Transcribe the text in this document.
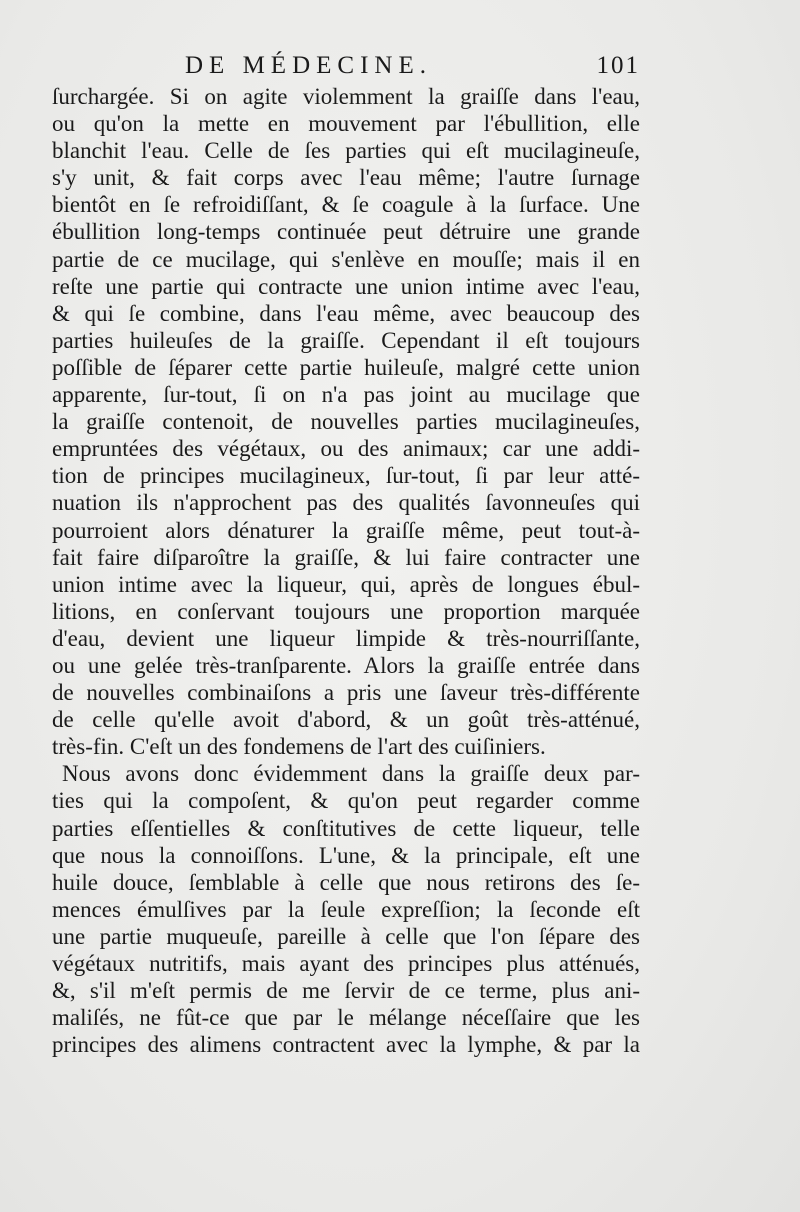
DE MÉDECINE.	101
ſurchargée. Si on agite violemment la graiſſe dans l'eau,
ou qu'on la mette en mouvement par l'ébullition, elle
blanchit l'eau. Celle de ſes parties qui eſt mucilagineuſe,
s'y unit, & fait corps avec l'eau même; l'autre ſurnage
bientôt en ſe refroidiſſant, & ſe coagule à la ſurface. Une
ébullition long-temps continuée peut détruire une grande
partie de ce mucilage, qui s'enlève en mouſſe; mais il en
reſte une partie qui contracte une union intime avec l'eau,
& qui ſe combine, dans l'eau même, avec beaucoup des
parties huileuſes de la graiſſe. Cependant il eſt toujours
poſſible de ſéparer cette partie huileuſe, malgré cette union
apparente, ſur-tout, ſi on n'a pas joint au mucilage que
la graiſſe contenoit, de nouvelles parties mucilagineuſes,
empruntées des végétaux, ou des animaux; car une addi-
tion de principes mucilagineux, ſur-tout, ſi par leur atté-
nuation ils n'approchent pas des qualités ſavonneuſes qui
pourroient alors dénaturer la graiſſe même, peut tout-à-
fait faire diſparoître la graiſſe, & lui faire contracter une
union intime avec la liqueur, qui, après de longues ébul-
litions, en conſervant toujours une proportion marquée
d'eau, devient une liqueur limpide & très-nourriſſante,
ou une gelée très-tranſparente. Alors la graiſſe entrée dans
de nouvelles combinaiſons a pris une ſaveur très-différente
de celle qu'elle avoit d'abord, & un goût très-atténué,
très-fin. C'eſt un des fondemens de l'art des cuiſiniers.
Nous avons donc évidemment dans la graiſſe deux par-
ties qui la compoſent, & qu'on peut regarder comme
parties eſſentielles & conſtitutives de cette liqueur, telle
que nous la connoiſſons. L'une, & la principale, eſt une
huile douce, ſemblable à celle que nous retirons des ſe-
mences émulſives par la ſeule expreſſion; la ſeconde eſt
une partie muqueuſe, pareille à celle que l'on ſépare des
végétaux nutritifs, mais ayant des principes plus atténués,
&, s'il m'eſt permis de me ſervir de ce terme, plus ani-
maliſés, ne fût-ce que par le mélange néceſſaire que les
principes des alimens contractent avec la lymphe, & par la
